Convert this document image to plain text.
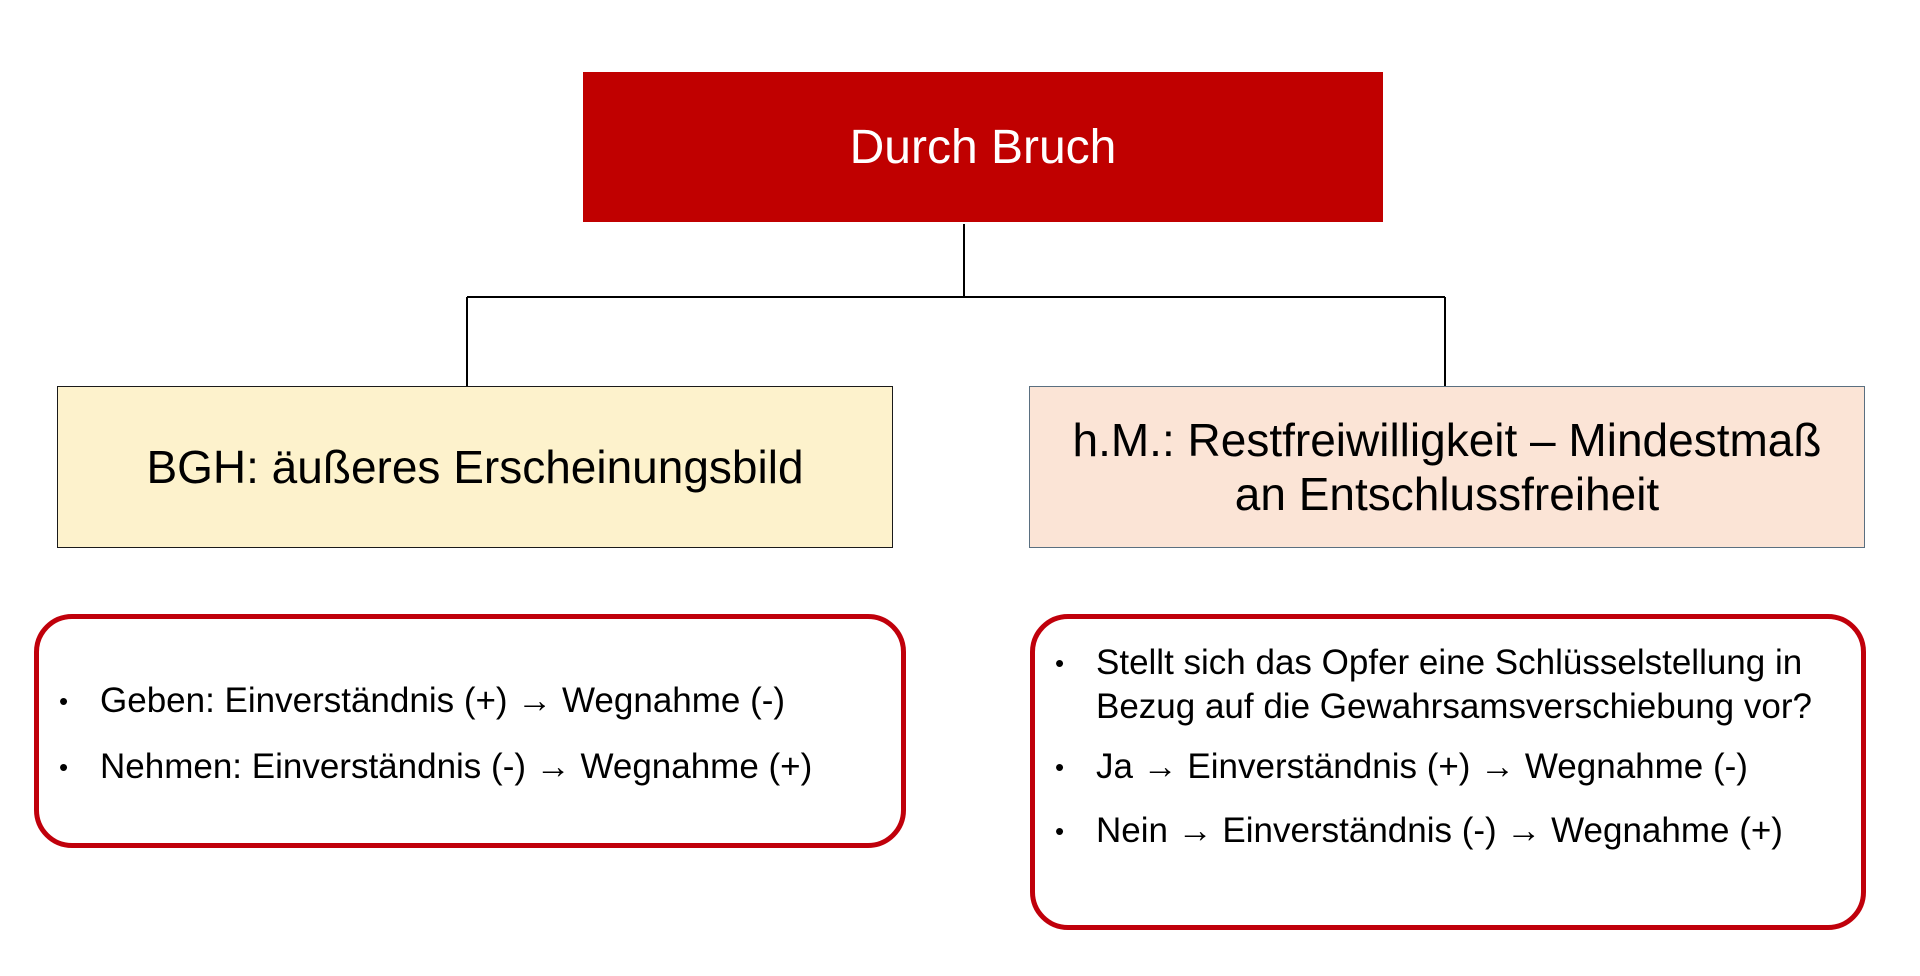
Durch Bruch
BGH: äußeres Erscheinungsbild
h.M.: Restfreiwilligkeit – Mindestmaß
an Entschlussfreiheit
• Geben: Einverständnis (+) → Wegnahme (-)
• Nehmen: Einverständnis (-) → Wegnahme (+)
• Stellt sich das Opfer eine Schlüsselstellung in Bezug auf die Gewahrsamsverschiebung vor?
• Ja → Einverständnis (+) → Wegnahme (-)
• Nein → Einverständnis (-) → Wegnahme (+)
